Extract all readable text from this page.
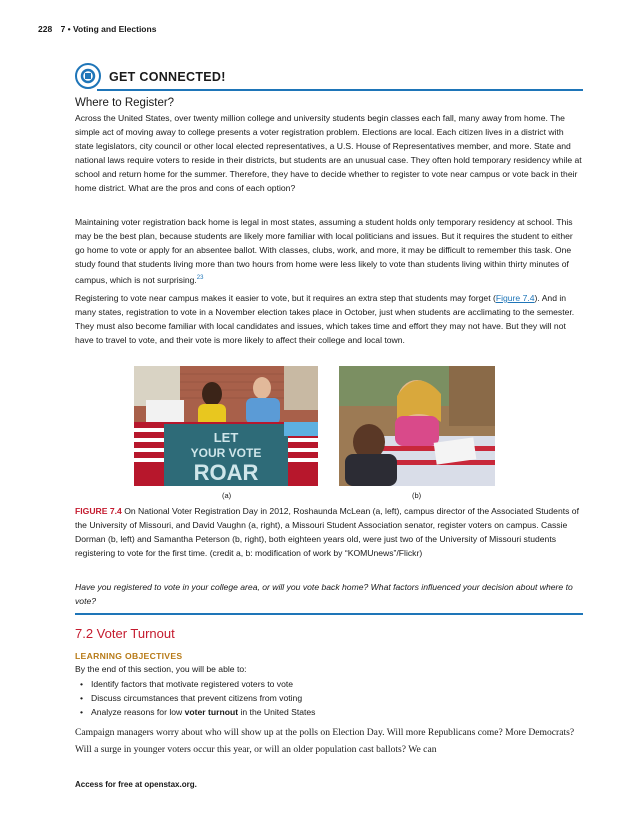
228 7 • Voting and Elections
GET CONNECTED!
Where to Register?

Across the United States, over twenty million college and university students begin classes each fall, many away from home. The simple act of moving away to college presents a voter registration problem. Elections are local. Each citizen lives in a district with state legislators, city council or other local elected representatives, a U.S. House of Representatives member, and more. State and national laws require voters to reside in their districts, but students are an unusual case. They often hold temporary residency while at school and return home for the summer. Therefore, they have to decide whether to register to vote near campus or vote back in their home district. What are the pros and cons of each option?

Maintaining voter registration back home is legal in most states, assuming a student holds only temporary residency at school. This may be the best plan, because students are likely more familiar with local politicians and issues. But it requires the student to either go home to vote or apply for an absentee ballot. With classes, clubs, work, and more, it may be difficult to remember this task. One study found that students living more than two hours from home were less likely to vote than students living within thirty minutes of campus, which is not surprising.$^{23}$

Registering to vote near campus makes it easier to vote, but it requires an extra step that students may forget (Figure 7.4). And in many states, registration to vote in a November election takes place in October, just when students are acclimating to the semester. They must also become familiar with local candidates and issues, which takes time and effort they may not have. But they will not have to travel to vote, and their vote is more likely to affect their college and local town.

LET
YOUR VOTE
ROAR
(a)	(b)

FIGURE 7.4 On National Voter Registration Day in 2012, Roshaunda McLean (a, left), campus director of the Associated Students of the University of Missouri, and David Vaughn (a, right), a Missouri Student Association senator, register voters on campus. Cassie Dorman (b, left) and Samantha Peterson (b, right), both eighteen years old, were just two of the University of Missouri students registering to vote for the first time. (credit a, b: modification of work by “KOMUnews”/Flickr)

Have you registered to vote in your college area, or will you vote back home? What factors influenced your decision about where to vote?

7.2 Voter Turnout
LEARNING OBJECTIVES
By the end of this section, you will be able to:
• Identify factors that motivate registered voters to vote
• Discuss circumstances that prevent citizens from voting
• Analyze reasons for low voter turnout in the United States

Campaign managers worry about who will show up at the polls on Election Day. Will more Republicans come? More Democrats? Will a surge in younger voters occur this year, or will an older population cast ballots? We can

Access for free at openstax.org.
